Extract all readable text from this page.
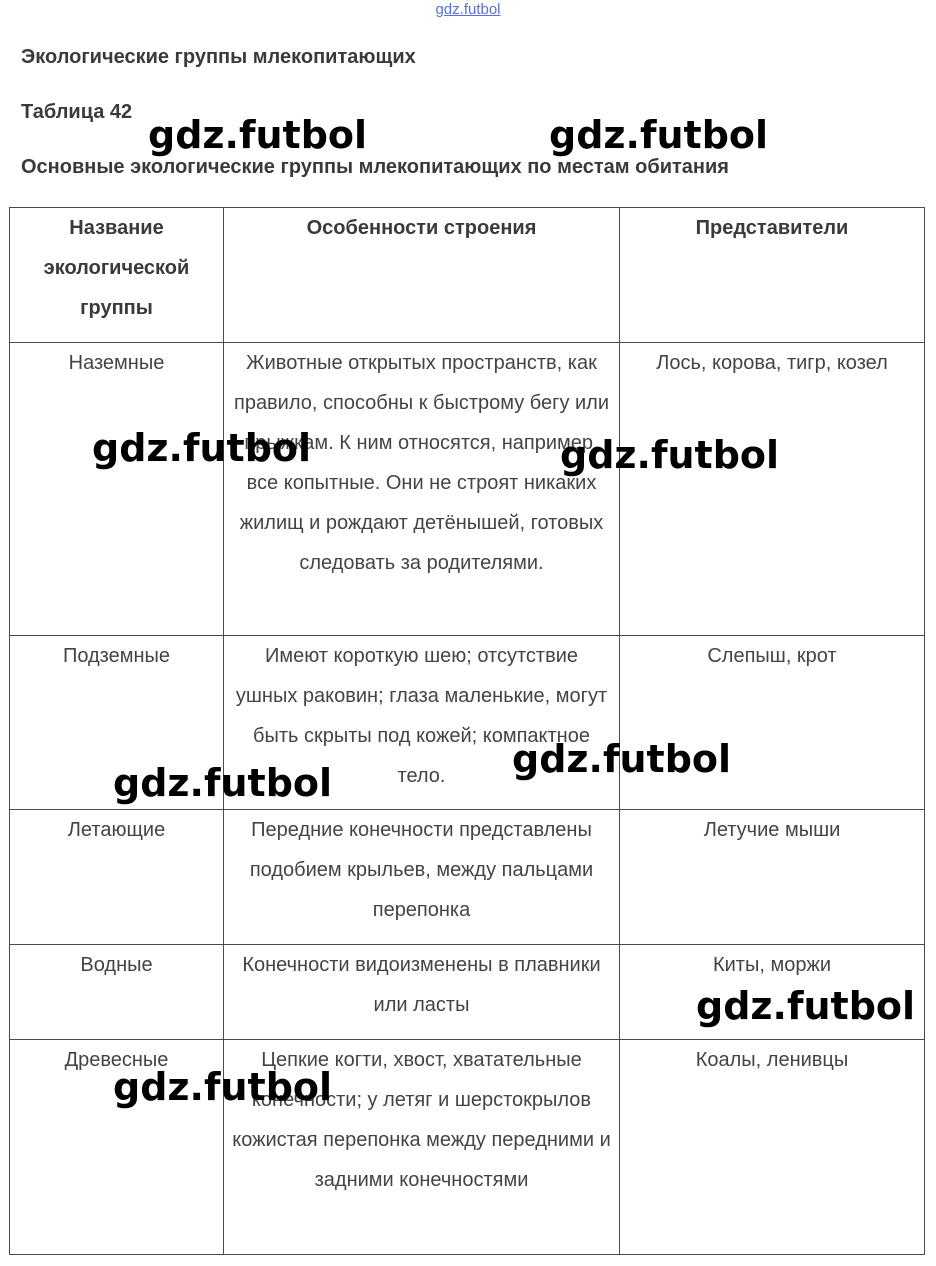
gdz.futbol
Экологические группы млекопитающих
Таблица 42
Основные экологические группы млекопитающих по местам обитания
Название экологической группы	Особенности строения	Представители
Наземные	Животные открытых пространств, как правило, способны к быстрому бегу или прыжкам. К ним относятся, например, все копытные. Они не строят никаких жилищ и рождают детёнышей, готовых следовать за родителями.	Лось, корова, тигр, козел
Подземные	Имеют короткую шею; отсутствие ушных раковин; глаза маленькие, могут быть скрыты под кожей; компактное тело.	Слепыш, крот
Летающие	Передние конечности представлены подобием крыльев, между пальцами перепонка	Летучие мыши
Водные	Конечности видоизменены в плавники или ласты	Киты, моржи
Древесные	Цепкие когти, хвост, хватательные конечности; у летяг и шерстокрылов кожистая перепонка между передними и задними конечностями	Коалы, ленивцы
gdz.futbol	gdz.futbol
gdz.futbol	gdz.futbol
gdz.futbol
gdz.futbol
gdz.futbol
gdz.futbol
